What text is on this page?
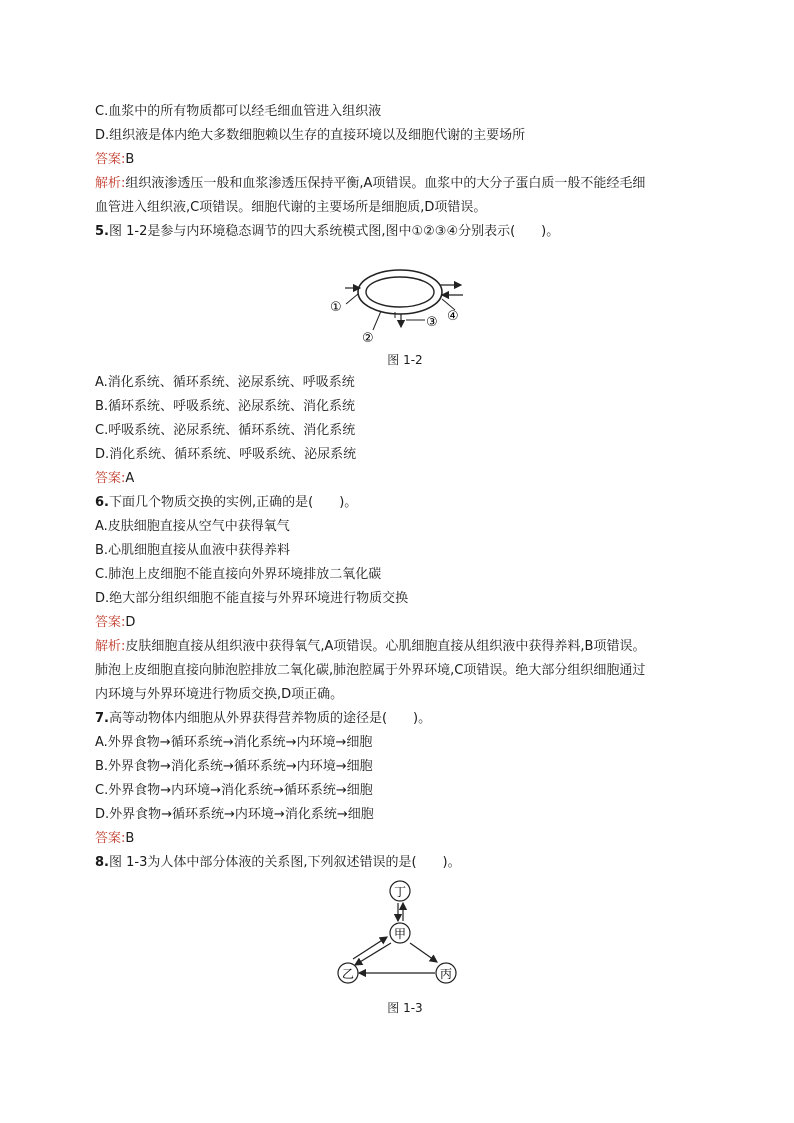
C.血浆中的所有物质都可以经毛细血管进入组织液
D.组织液是体内绝大多数细胞赖以生存的直接环境以及细胞代谢的主要场所
答案:B
解析:组织液渗透压一般和血浆渗透压保持平衡,A项错误。血浆中的大分子蛋白质一般不能经毛细
血管进入组织液,C项错误。细胞代谢的主要场所是细胞质,D项错误。
5.图 1-2是参与内环境稳态调节的四大系统模式图,图中①②③④分别表示(　　)。
①
②
③ ④
图 1-2
A.消化系统、循环系统、泌尿系统、呼吸系统
B.循环系统、呼吸系统、泌尿系统、消化系统
C.呼吸系统、泌尿系统、循环系统、消化系统
D.消化系统、循环系统、呼吸系统、泌尿系统
答案:A
6.下面几个物质交换的实例,正确的是(　　)。
A.皮肤细胞直接从空气中获得氧气
B.心肌细胞直接从血液中获得养料
C.肺泡上皮细胞不能直接向外界环境排放二氧化碳
D.绝大部分组织细胞不能直接与外界环境进行物质交换
答案:D
解析:皮肤细胞直接从组织液中获得氧气,A项错误。心肌细胞直接从组织液中获得养料,B项错误。
肺泡上皮细胞直接向肺泡腔排放二氧化碳,肺泡腔属于外界环境,C项错误。绝大部分组织细胞通过
内环境与外界环境进行物质交换,D项正确。
7.高等动物体内细胞从外界获得营养物质的途径是(　　)。
A.外界食物→循环系统→消化系统→内环境→细胞
B.外界食物→消化系统→循环系统→内环境→细胞
C.外界食物→内环境→消化系统→循环系统→细胞
D.外界食物→循环系统→内环境→消化系统→细胞
答案:B
8.图 1-3为人体中部分体液的关系图,下列叙述错误的是(　　)。
丁
甲
乙	丙
图 1-3
